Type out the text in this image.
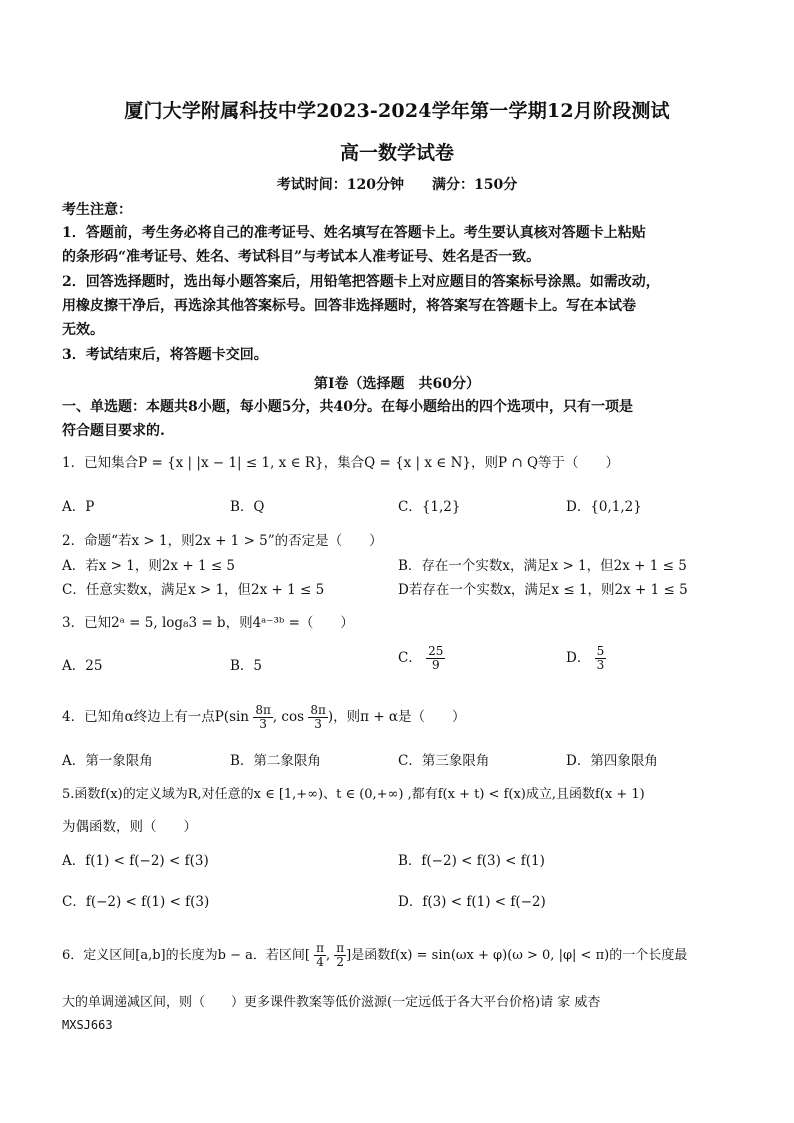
厦门大学附属科技中学2023-2024学年第一学期12月阶段测试
高一数学试卷
考试时间：120分钟　　满分：150分
考生注意：
1．答题前，考生务必将自己的准考证号、姓名填写在答题卡上。考生要认真核对答题卡上粘贴
的条形码“准考证号、姓名、考试科目”与考试本人准考证号、姓名是否一致。
2．回答选择题时，选出每小题答案后，用铅笔把答题卡上对应题目的答案标号涂黑。如需改动，
用橡皮擦干净后，再选涂其他答案标号。回答非选择题时，将答案写在答题卡上。写在本试卷
无效。
3．考试结束后，将答题卡交回。
第Ⅰ卷（选择题　共60分）
一、单选题：本题共8小题，每小题5分，共40分。在每小题给出的四个选项中，只有一项是
符合题目要求的.
1．已知集合P = {x | |x − 1| ≤ 1, x ∈ R}，集合Q = {x | x ∈ N}，则P ∩ Q等于（　　）
A．P	B．Q	C．{1,2}	D．{0,1,2}
2．命题“若x > 1，则2x + 1 > 5”的否定是（　　）
A．若x > 1，则2x + 1 ≤ 5	B．存在一个实数x，满足x > 1，但2x + 1 ≤ 5
C．任意实数x，满足x > 1，但2x + 1 ≤ 5	D若存在一个实数x，满足x ≤ 1，则2x + 1 ≤ 5
3．已知2ᵃ = 5, log₈3 = b，则4ᵃ⁻³ᵇ =（　　）
A．25	B．5	C． $\frac{25}{9}$	D． $\frac{5}{3}$
4．已知角α终边上有一点$P(\sin \frac{8\pi}{3}$ , $\cos \frac{8\pi}{3}$ )，则π + α是（　　）
A．第一象限角	B．第二象限角	C．第三象限角	D．第四象限角
5.函数f(x)的定义域为R,对任意的x ∈ [1,+∞)、t ∈ (0,+∞) ,都有f(x + t) < f(x)成立,且函数f(x + 1)
为偶函数，则（　　）
A．f(1) < f(−2) < f(3)	B．f(−2) < f(3) < f(1)
C．f(−2) < f(1) < f(3)	D．f(3) < f(1) < f(−2)
6．定义区间[a,b]的长度为b − a．若区间[ $\frac{\pi}{4}$ , $\frac{\pi}{2}$ ]是函数f(x) = sin(ωx + φ)(ω > 0, |φ| < π)的一个长度最
大的单调递减区间，则（　　）更多课件教案等低价滋源(一定远低于各大平台价格)请 家 威杏
MXSJ663
